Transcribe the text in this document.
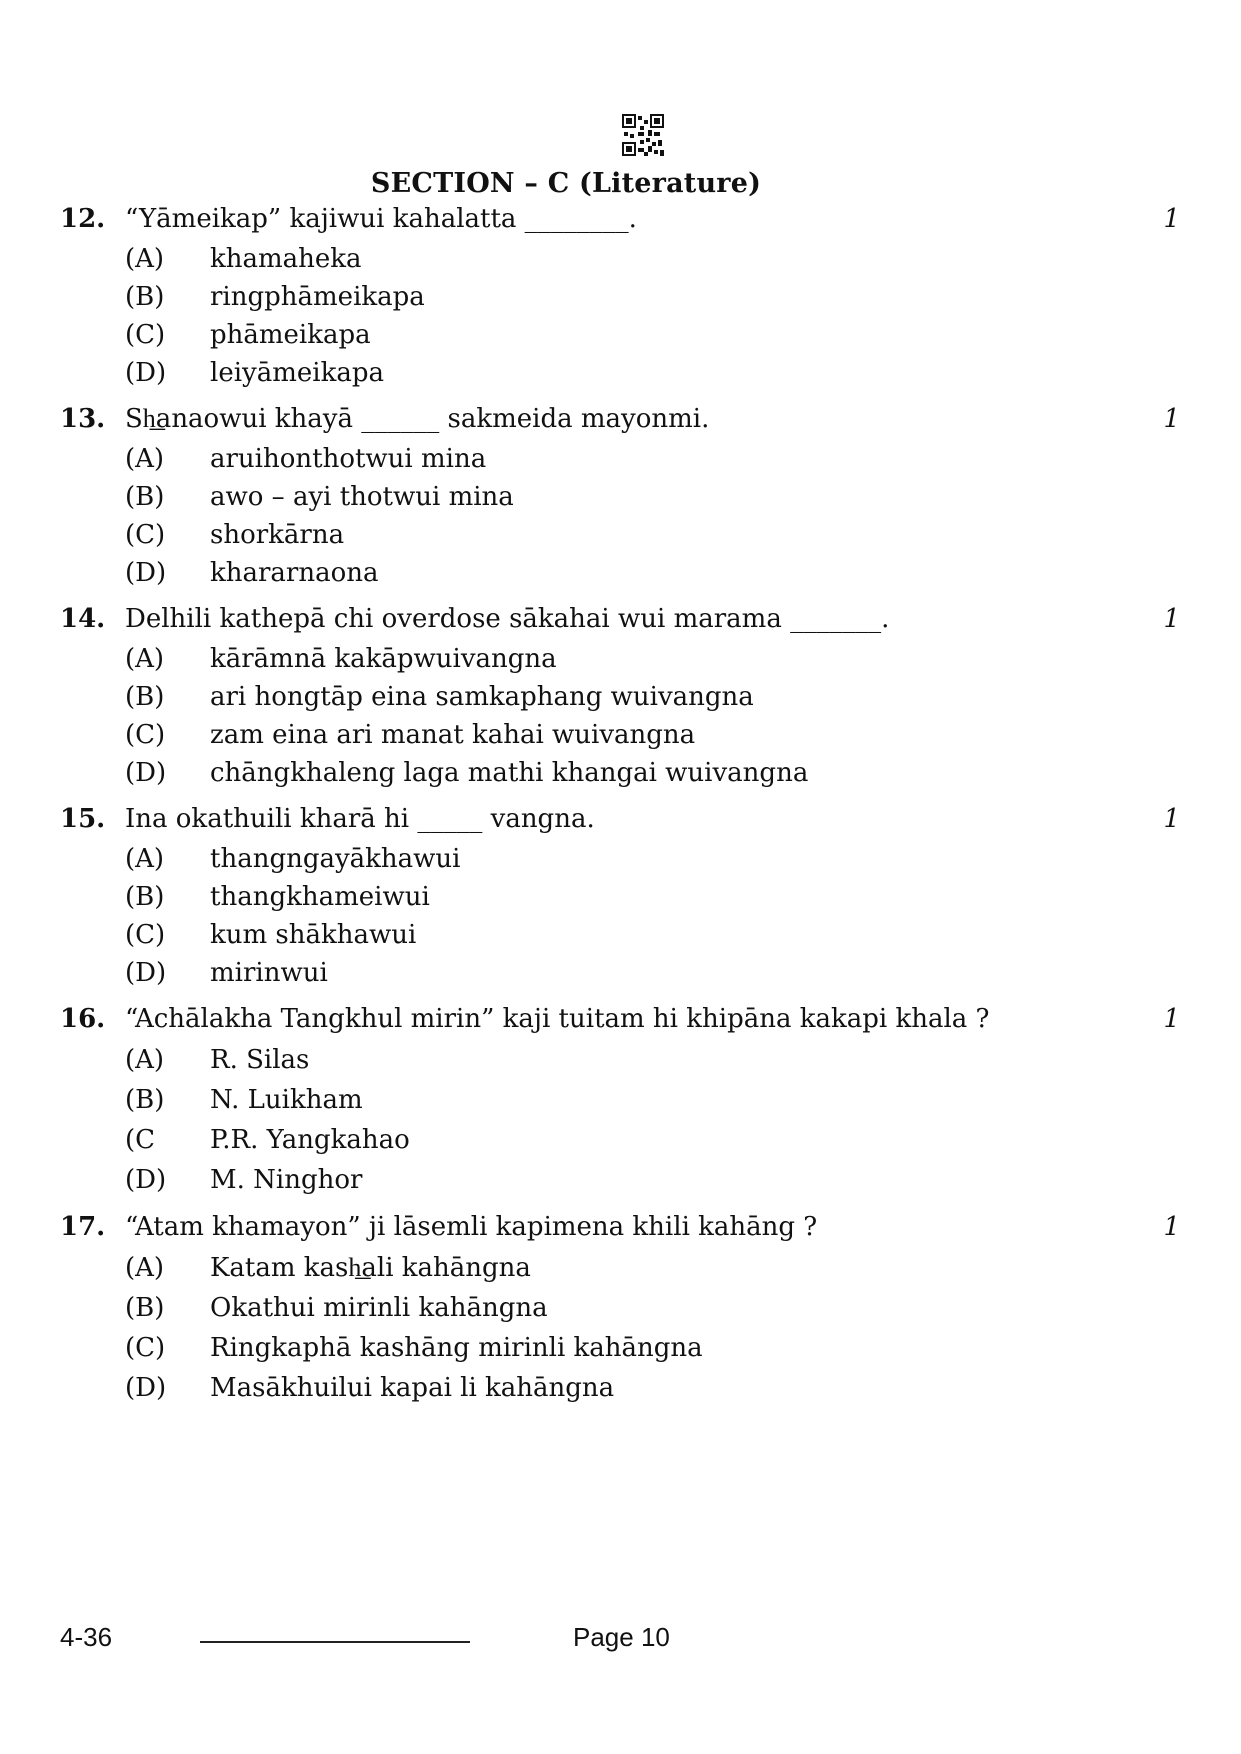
SECTION – C (Literature)
12. “Yāmeikap” kajiwui kahalatta ________.	1
(A) khamaheka
(B) ringphāmeikapa
(C) phāmeikapa
(D) leiyāmeikapa
13. Sh͟anaowui khayā ______ sakmeida mayonmi.	1
(A) aruihonthotwui mina
(B) awo – ayi thotwui mina
(C) shorkārna
(D) khararnaona
14. Delhili kathepā chi overdose sākahai wui marama _______.	1
(A) kārāmnā kakāpwuivangna
(B) ari hongtāp eina samkaphang wuivangna
(C) zam eina ari manat kahai wuivangna
(D) chāngkhaleng laga mathi khangai wuivangna
15. Ina okathuili kharā hi _____ vangna.	1
(A) thangngayākhawui
(B) thangkhameiwui
(C) kum shākhawui
(D) mirinwui
16. “Achālakha Tangkhul mirin” kaji tuitam hi khipāna kakapi khala ?	1
(A) R. Silas
(B) N. Luikham
(C P.R. Yangkahao
(D) M. Ninghor
17. “Atam khamayon” ji lāsemli kapimena khili kahāng ?	1
(A) Katam kash͟ali kahāngna
(B) Okathui mirinli kahāngna
(C) Ringkaphā kashāng mirinli kahāngna
(D) Masākhuilui kapai li kahāngna
4-36	Page 10
